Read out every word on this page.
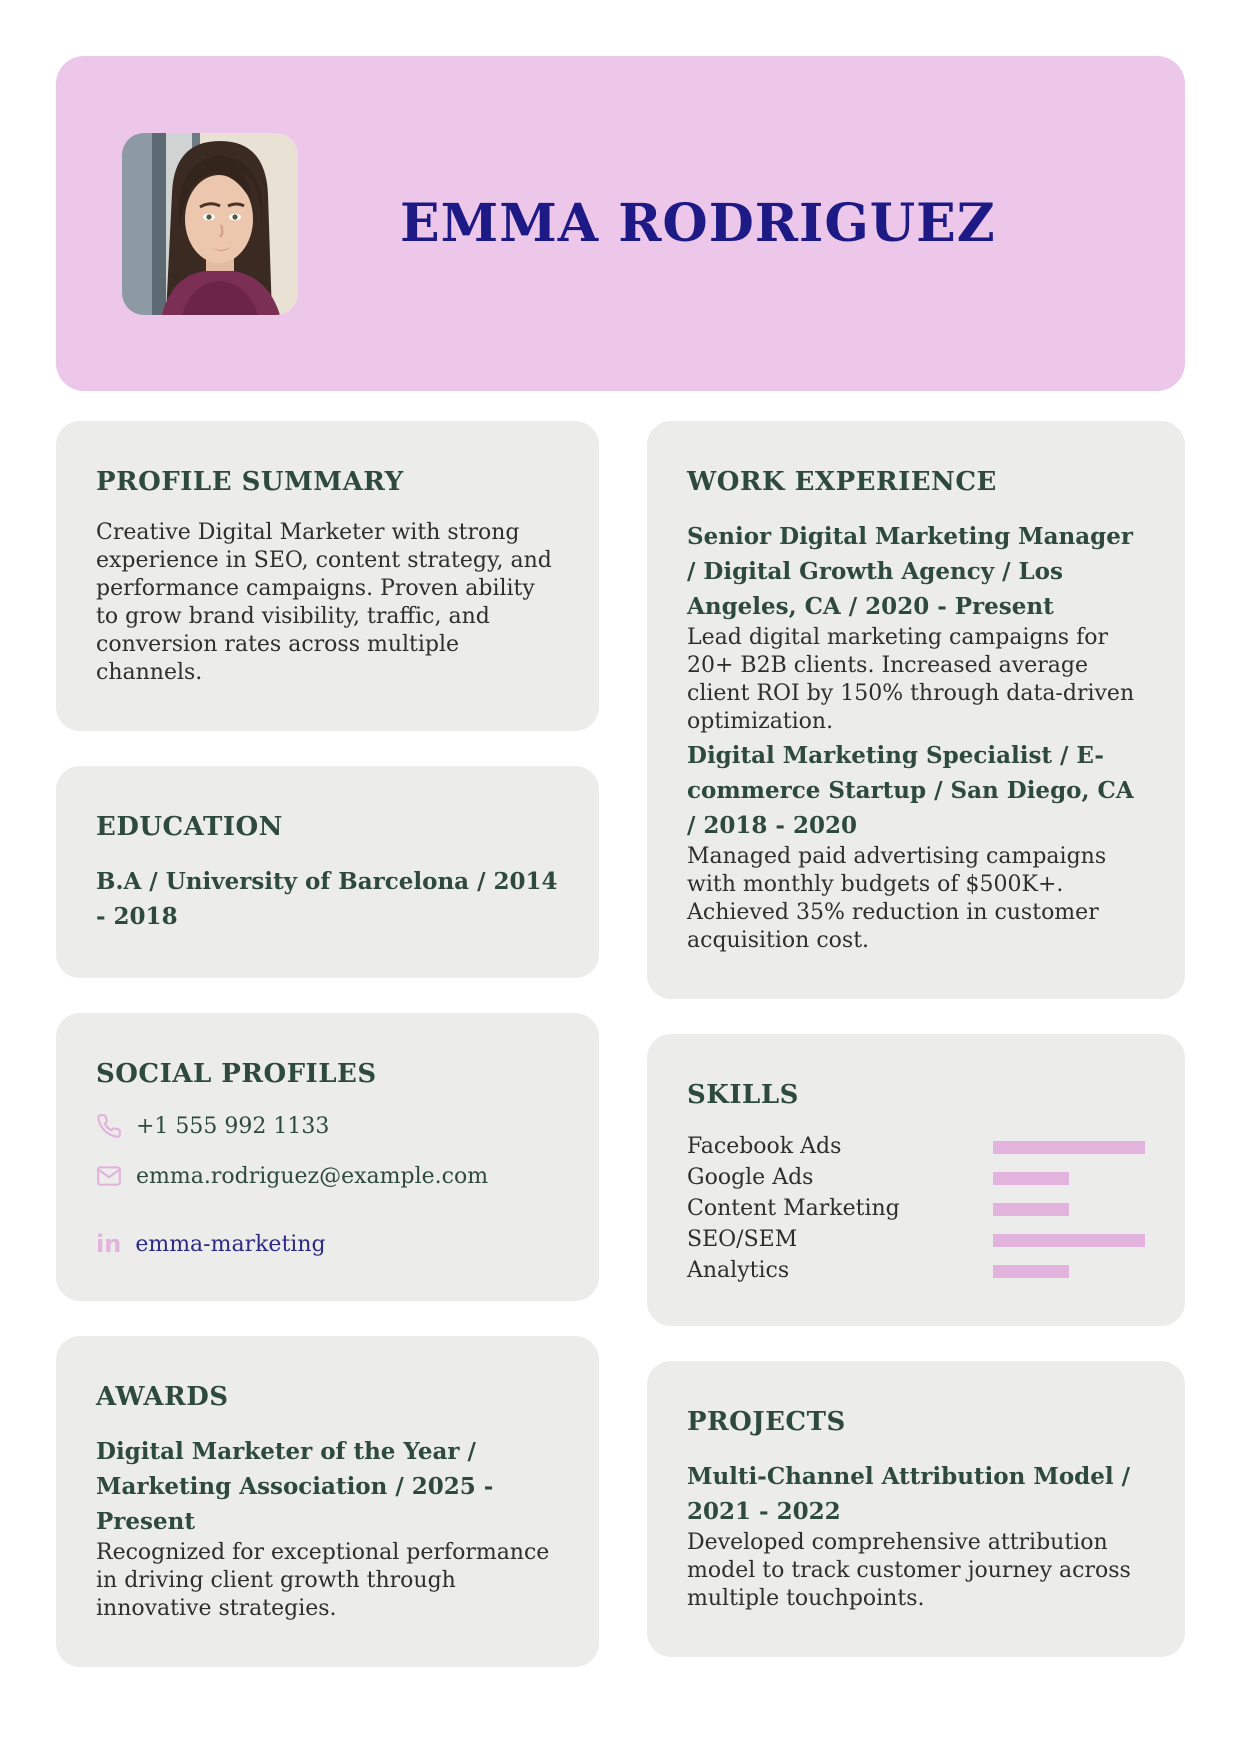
EMMA RODRIGUEZ
PROFILE SUMMARY
Creative Digital Marketer with strong experience in SEO, content strategy, and performance campaigns. Proven ability to grow brand visibility, traffic, and conversion rates across multiple channels.
EDUCATION
B.A / University of Barcelona / 2014 - 2018
SOCIAL PROFILES
+1 555 992 1133
emma.rodriguez@example.com
in emma-marketing
AWARDS
Digital Marketer of the Year / Marketing Association / 2025 - Present
Recognized for exceptional performance in driving client growth through innovative strategies.
WORK EXPERIENCE
Senior Digital Marketing Manager / Digital Growth Agency / Los Angeles, CA / 2020 - Present
Lead digital marketing campaigns for 20+ B2B clients. Increased average client ROI by 150% through data-driven optimization.
Digital Marketing Specialist / E-commerce Startup / San Diego, CA / 2018 - 2020
Managed paid advertising campaigns with monthly budgets of $500K+. Achieved 35% reduction in customer acquisition cost.
SKILLS
Facebook Ads
Google Ads
Content Marketing
SEO/SEM
Analytics
PROJECTS
Multi-Channel Attribution Model / 2021 - 2022
Developed comprehensive attribution model to track customer journey across multiple touchpoints.
